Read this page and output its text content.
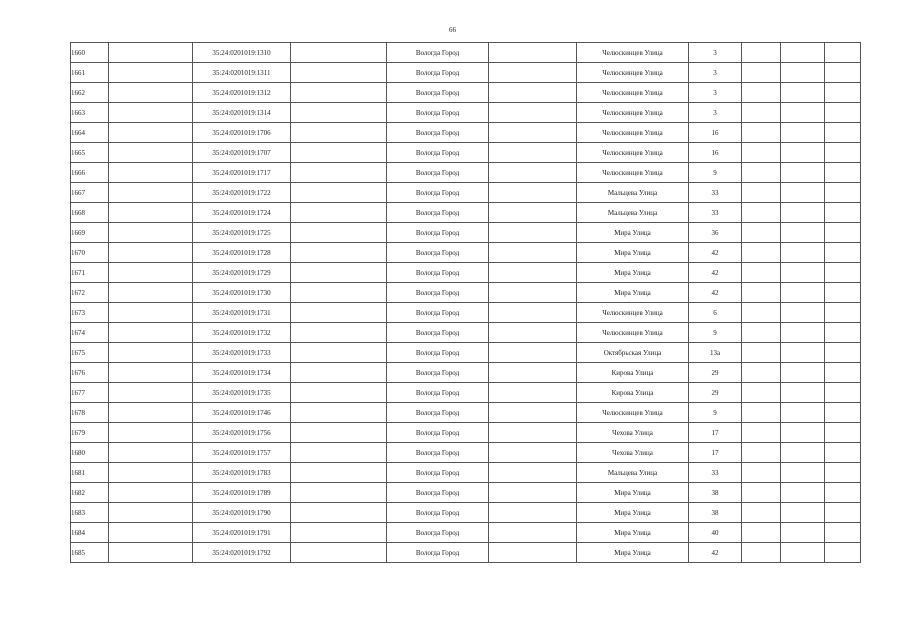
66
1660		35:24:0201019:1310		Вологда Город		Челюскинцев Улица	3			
1661		35:24:0201019:1311		Вологда Город		Челюскинцев Улица	3			
1662		35:24:0201019:1312		Вологда Город		Челюскинцев Улица	3			
1663		35:24:0201019:1314		Вологда Город		Челюскинцев Улица	3			
1664		35:24:0201019:1706		Вологда Город		Челюскинцев Улица	16			
1665		35:24:0201019:1707		Вологда Город		Челюскинцев Улица	16			
1666		35:24:0201019:1717		Вологда Город		Челюскинцев Улица	9			
1667		35:24:0201019:1722		Вологда Город		Мальцева Улица	33			
1668		35:24:0201019:1724		Вологда Город		Мальцева Улица	33			
1669		35:24:0201019:1725		Вологда Город		Мира Улица	36			
1670		35:24:0201019:1728		Вологда Город		Мира Улица	42			
1671		35:24:0201019:1729		Вологда Город		Мира Улица	42			
1672		35:24:0201019:1730		Вологда Город		Мира Улица	42			
1673		35:24:0201019:1731		Вологда Город		Челюскинцев Улица	6			
1674		35:24:0201019:1732		Вологда Город		Челюскинцев Улица	9			
1675		35:24:0201019:1733		Вологда Город		Октябрьская Улица	13а			
1676		35:24:0201019:1734		Вологда Город		Кирова Улица	29			
1677		35:24:0201019:1735		Вологда Город		Кирова Улица	29			
1678		35:24:0201019:1746		Вологда Город		Челюскинцев Улица	9			
1679		35:24:0201019:1756		Вологда Город		Чехова Улица	17			
1680		35:24:0201019:1757		Вологда Город		Чехова Улица	17			
1681		35:24:0201019:1783		Вологда Город		Мальцева Улица	33			
1682		35:24:0201019:1789		Вологда Город		Мира Улица	38			
1683		35:24:0201019:1790		Вологда Город		Мира Улица	38			
1684		35:24:0201019:1791		Вологда Город		Мира Улица	40			
1685		35:24:0201019:1792		Вологда Город		Мира Улица	42			
